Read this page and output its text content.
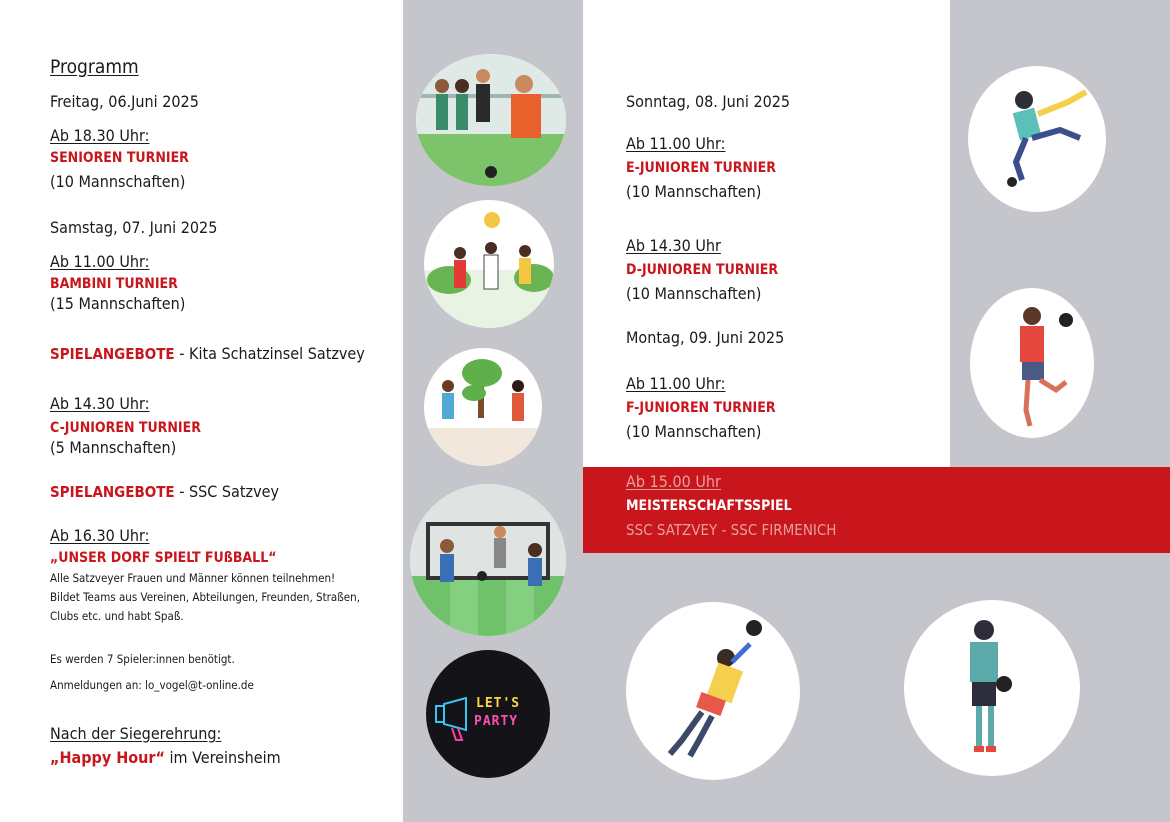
Programm
Freitag, 06.Juni 2025
Ab 18.30 Uhr:
SENIOREN TURNIER
(10 Mannschaften)
Samstag, 07. Juni 2025
Ab 11.00 Uhr:
BAMBINI TURNIER
(15 Mannschaften)
SPIELANGEBOTE - Kita Schatzinsel Satzvey
Ab 14.30 Uhr:
C-JUNIOREN TURNIER
(5 Mannschaften)
SPIELANGEBOTE - SSC Satzvey
Ab 16.30 Uhr:
„UNSER DORF SPIELT FUßBALL“
Alle Satzveyer Frauen und Männer können teilnehmen!
Bildet Teams aus Vereinen, Abteilungen, Freunden, Straßen,
Clubs etc. und habt Spaß.
Es werden 7 Spieler:innen benötigt.
Anmeldungen an: lo_vogel@t-online.de
Nach der Siegerehrung:
„Happy Hour“ im Vereinsheim
LET'S
PARTY
Sonntag, 08. Juni 2025
Ab 11.00 Uhr:
E-JUNIOREN TURNIER
(10 Mannschaften)
Ab 14.30 Uhr
D-JUNIOREN TURNIER
(10 Mannschaften)
Montag, 09. Juni 2025
Ab 11.00 Uhr:
F-JUNIOREN TURNIER
(10 Mannschaften)
Ab 15.00 Uhr
MEISTERSCHAFTSSPIEL
SSC SATZVEY - SSC FIRMENICH
